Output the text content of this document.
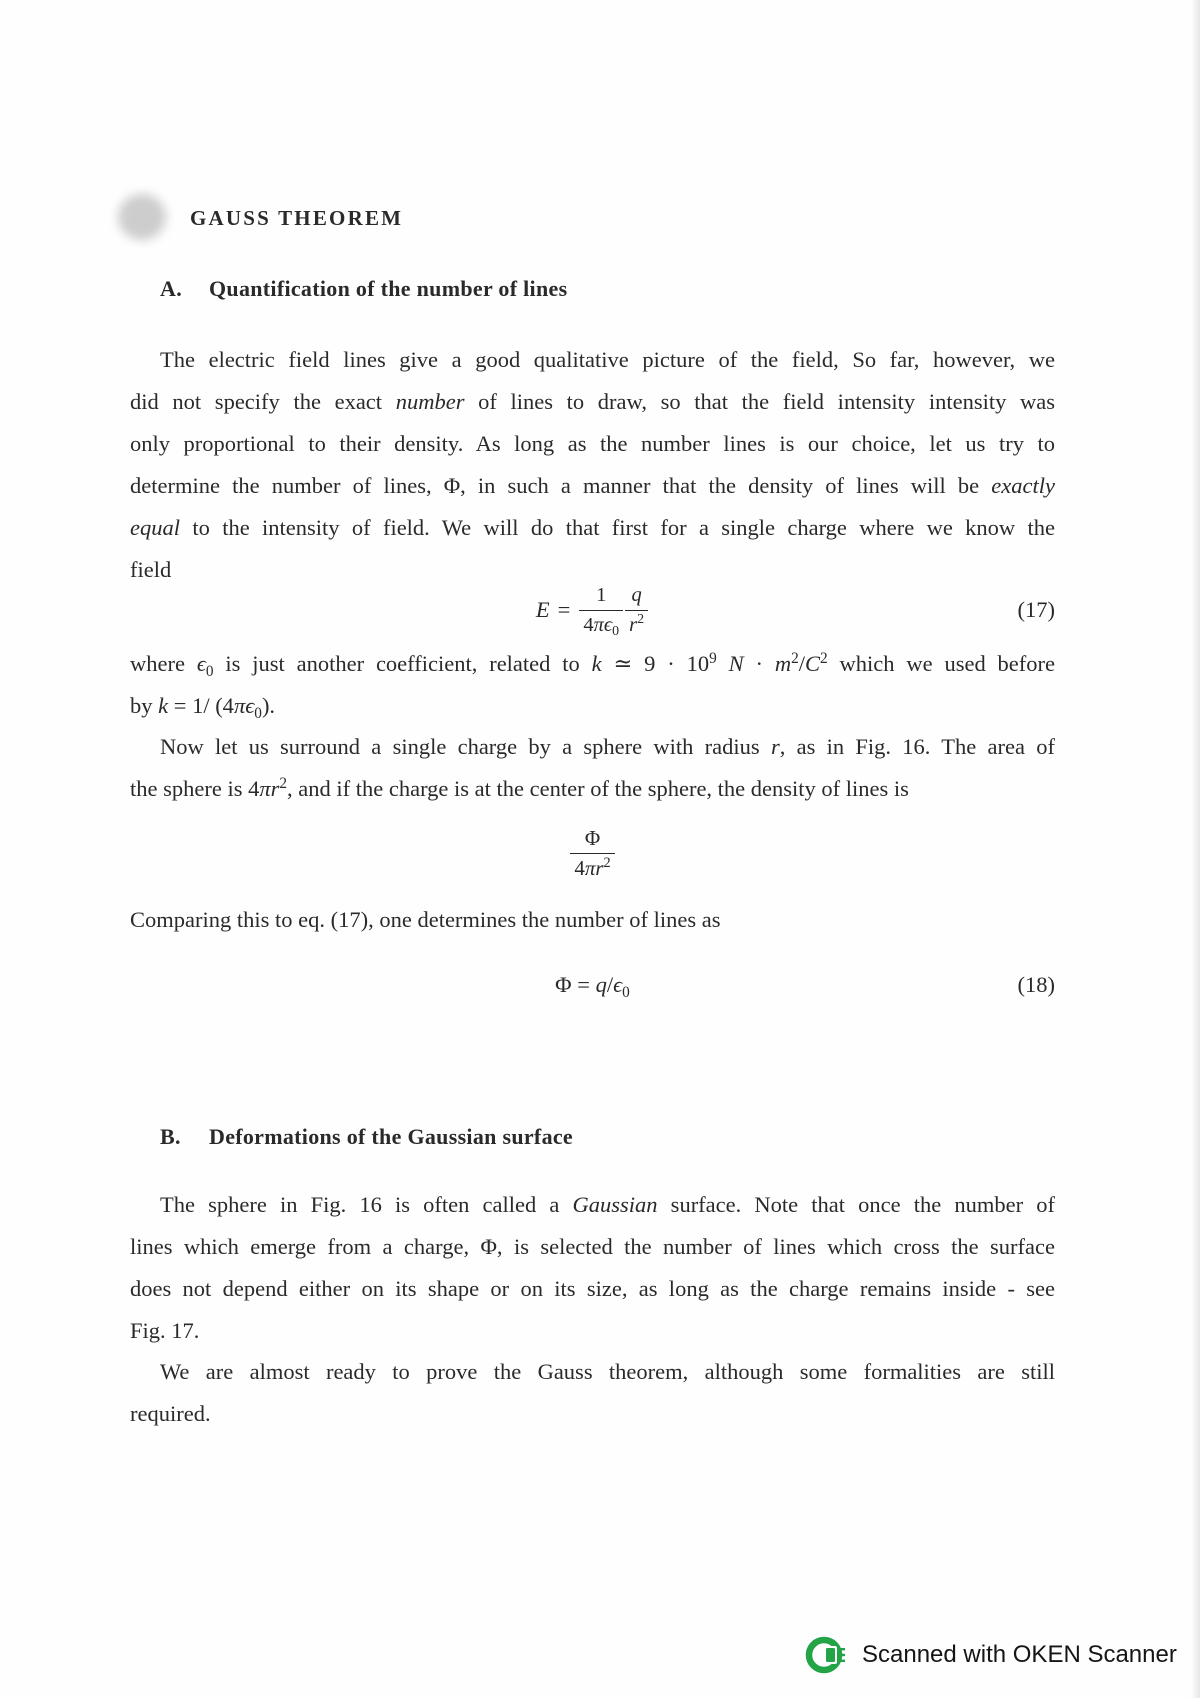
GAUSS THEOREM
A. Quantification of the number of lines
The electric field lines give a good qualitative picture of the field, So far, however, we
did not specify the exact number of lines to draw, so that the field intensity intensity was
only proportional to their density. As long as the number lines is our choice, let us try to
determine the number of lines, Φ, in such a manner that the density of lines will be exactly
equal to the intensity of field. We will do that first for a single charge where we know the
field
$E = \frac{1}{4\pi\epsilon_0} \frac{q}{r^2}$	(17)
where $\epsilon_0$ is just another coefficient, related to k ≃ $9 \cdot 10^9$ $N \cdot m^2/C^2$ which we used before
by k = 1/ $(4\pi\epsilon_0)$.
Now let us surround a single charge by a sphere with radius r, as in Fig. 16. The area of
the sphere is $4\pi r^2$, and if the charge is at the center of the sphere, the density of lines is
$\frac{\Phi}{4\pi r^2}$
Comparing this to eq. (17), one determines the number of lines as
$\Phi = q/\epsilon_0$	(18)
B. Deformations of the Gaussian surface
The sphere in Fig. 16 is often called a Gaussian surface. Note that once the number of
lines which emerge from a charge, Φ, is selected the number of lines which cross the surface
does not depend either on its shape or on its size, as long as the charge remains inside - see
Fig. 17.
We are almost ready to prove the Gauss theorem, although some formalities are still
required.
Scanned with OKEN Scanner
